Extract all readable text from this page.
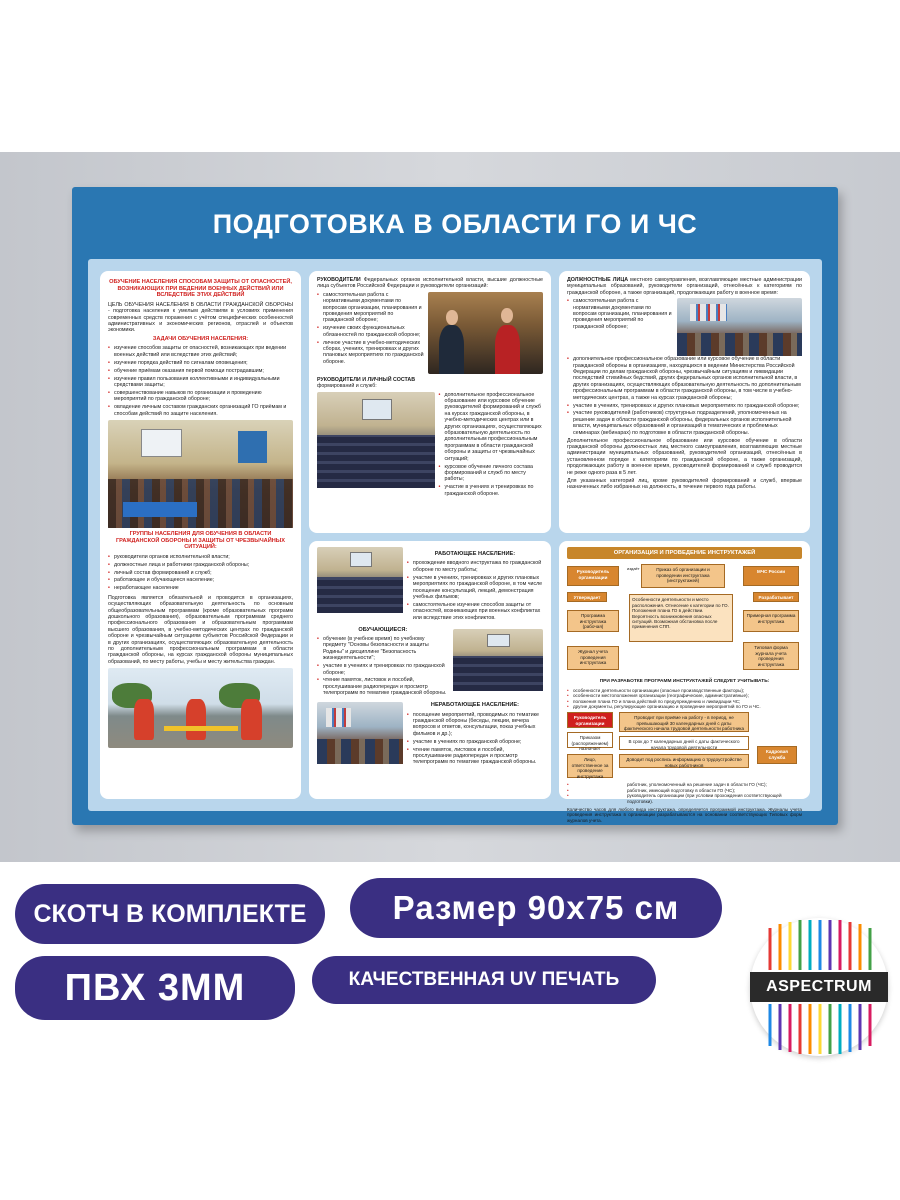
ПОДГОТОВКА В ОБЛАСТИ ГО И ЧС
ОБУЧЕНИЕ НАСЕЛЕНИЯ СПОСОБАМ ЗАЩИТЫ ОТ ОПАСНОСТЕЙ, ВОЗНИКАЮЩИХ ПРИ ВЕДЕНИИ ВОЕННЫХ ДЕЙСТВИЙ ИЛИ ВСЛЕДСТВИЕ ЭТИХ ДЕЙСТВИЙ
ЦЕЛЬ ОБУЧЕНИЯ НАСЕЛЕНИЯ В ОБЛАСТИ ГРАЖДАНСКОЙ ОБОРОНЫ - подготовка населения к умелым действиям в условиях применения современных средств поражения с учётом специфических особенностей административных и экономических регионов, отраслей и объектов экономики.
ЗАДАЧИ ОБУЧЕНИЯ НАСЕЛЕНИЯ:
• изучение способов защиты от опасностей, возникающих при ведении военных действий или вследствие этих действий;
• изучение порядка действий по сигналам оповещения;
• обучение приёмам оказания первой помощи пострадавшим;
• изучение правил пользования коллективными и индивидуальными средствами защиты;
• совершенствование навыков по организации и проведению мероприятий по гражданской обороне;
• овладение личным составом гражданских организаций ГО приёмам и способам действий по защите населения.
ГРУППЫ НАСЕЛЕНИЯ ДЛЯ ОБУЧЕНИЯ В ОБЛАСТИ ГРАЖДАНСКОЙ ОБОРОНЫ И ЗАЩИТЫ ОТ ЧРЕЗВЫЧАЙНЫХ СИТУАЦИЙ:
• руководители органов исполнительной власти;
• должностные лица и работники гражданской обороны;
• личный состав формирований и служб;
• работающее и обучающееся население;
• неработающее население
Подготовка является обязательной и проводится в организациях, осуществляющих образовательную деятельность по основным общеобразовательным программам (кроме образовательных программ дошкольного образования), образовательным программам среднего профессионального образования и образовательным программам высшего образования, в учебно-методических центрах по гражданской обороне и чрезвычайным ситуациям субъектов Российской Федерации и в других организациях, осуществляющих образовательную деятельность по дополнительным профессиональным программам в области гражданской обороны, на курсах гражданской обороны муниципальных образований, по месту работы, учебы и месту жительства граждан.
РУКОВОДИТЕЛИ Федеральных органов исполнительной власти, высшие должностные лица субъектов Российской Федерации и руководители организаций:
• самостоятельная работа с нормативными документами по вопросам организации, планирования и проведения мероприятий по гражданской обороне;
• изучение своих функциональных обязанностей по гражданской обороне;
• личное участие в учебно-методических сборах, учениях, тренировках и других плановых мероприятиях по гражданской обороне.
РУКОВОДИТЕЛИ И ЛИЧНЫЙ СОСТАВ
формирований и служб:
• дополнительное профессиональное образование или курсовое обучение руководителей формирований и служб на курсах гражданской обороны, в учебно-методических центрах или в других организациях, осуществляющих образовательную деятельность по дополнительным профессиональным программам в области гражданской обороны и защиты от чрезвычайных ситуаций;
• курсовое обучение личного состава формирований и служб по месту работы;
• участие в учениях и тренировках по гражданской обороне.
ДОЛЖНОСТНЫЕ ЛИЦА местного самоуправления, возглавляющие местные администрации муниципальных образований, руководители организаций, отнесённых к категориям по гражданской обороне, а также организаций, продолжающих работу в военное время:
• самостоятельная работа с нормативными документами по вопросам организации, планирования и проведения мероприятий по гражданской обороне;
• дополнительное профессиональное образование или курсовое обучение в области гражданской обороны в организациях, находящихся в ведении Министерства Российской Федерации по делам гражданской обороны, чрезвычайным ситуациям и ликвидации последствий стихийных бедствий, других федеральных органов исполнительной власти, в других организациях, осуществляющих образовательную деятельность по дополнительным профессиональным программам в области гражданской обороны, в том числе в учебно-методических центрах, а также на курсах гражданской обороны;
• участие в учениях, тренировках и других плановых мероприятиях по гражданской обороне;
• участие руководителей (работников) структурных подразделений, уполномоченных на решение задач в области гражданской обороны, федеральных органов исполнительной власти, муниципальных образований и организаций в тематических и проблемных семинарах (вебинарах) по подготовке в области гражданской обороны.
Дополнительное профессиональное образование или курсовое обучение в области гражданской обороны должностных лиц местного самоуправления, возглавляющих местные администрации муниципальных образований, руководителей организаций, отнесённых в установленном порядке к категориям по гражданской обороне, а также организаций, продолжающих работу в военное время, руководителей формирований и служб проводится не реже одного раза в 5 лет.
Для указанных категорий лиц, кроме руководителей формирований и служб, впервые назначенных либо избранных на должность, в течение первого года работы.
РАБОТАЮЩЕЕ НАСЕЛЕНИЕ:
• прохождение вводного инструктажа по гражданской обороне по месту работы;
• участие в учениях, тренировках и других плановых мероприятиях по гражданской обороне, в том числе посещение консультаций, лекций, демонстрация учебных фильмов;
• самостоятельное изучение способов защиты от опасностей, возникающих при военных конфликтах или вследствие этих конфликтов.
ОБУЧАЮЩИЕСЯ:
• обучение (в учебное время) по учебному предмету "Основы безопасности и защиты Родины" и дисциплине "Безопасность жизнедеятельности";
• участие в учениях и тренировках по гражданской обороне;
• чтение памяток, листовок и пособий, прослушивание радиопередач и просмотр телепрограмм по тематике гражданской обороны.
НЕРАБОТАЮЩЕЕ НАСЕЛЕНИЕ:
• посещение мероприятий, проводимых по тематике гражданской обороны (беседы, лекции, вечера вопросов и ответов, консультации, показ учебных фильмов и др.);
• участие в учениях по гражданской обороне;
• чтение памяток, листовок и пособий, прослушивание радиопередач и просмотр телепрограмм по тематике гражданской обороны.
ОРГАНИЗАЦИЯ И ПРОВЕДЕНИЕ ИНСТРУКТАЖЕЙ
Руководитель организации
издаёт	Приказ об организации и проведении инструктажа (инструктажей)
МЧС России
Утверждает	Разрабатывает
Программа инструктажа (рабочая)
Особенности деятельности и место расположения. Отнесение к категории по ГО. Положения плана ГО в действии. Вероятность возникновения опасных ситуаций. Возможная обстановка после применения СПП.
Примерная программа инструктажа
Журнал учета проведения инструктажа
Типовая форма журнала учета проведения инструктажа
ПРИ РАЗРАБОТКЕ ПРОГРАММ ИНСТРУКТАЖЕЙ СЛЕДУЕТ УЧИТЫВАТЬ:
• особенности деятельности организации (опасные производственные факторы);
• особенности местоположения организации (географические, административные);
• положения плана ГО и плана действий по предупреждению и ликвидации ЧС;
• другие документы, регулирующие организацию и проведение мероприятий по ГО и ЧС.
Руководитель организации
Приказом (распоряжением) назначает
Лицо, ответственное за проведение инструктажа
Проводит при приёме на работу - в период, не превышающий 30 календарных дней с даты фактического начала трудовой деятельности работника
В срок до 7 календарных дней с даты фактического начала трудовой деятельности
Доводит под роспись информацию о трудоустройстве новых работников
Кадровая служба
• работник, уполномоченный на решение задач в области ГО (ЧС);
• работник, имеющий подготовку в области ГО (ЧС);
• руководитель организации (при условии прохождения соответствующей подготовки).
Количество часов для любого вида инструктажа, определяется программой инструктажа. Журналы учета проведения инструктажа в организации разрабатываются на основании соответствующих Типовых форм журналов учета.
СКОТЧ В КОМПЛЕКТЕ	Размер 90х75 см
ПВХ 3ММ	КАЧЕСТВЕННАЯ UV ПЕЧАТЬ	ASPECTRUM
